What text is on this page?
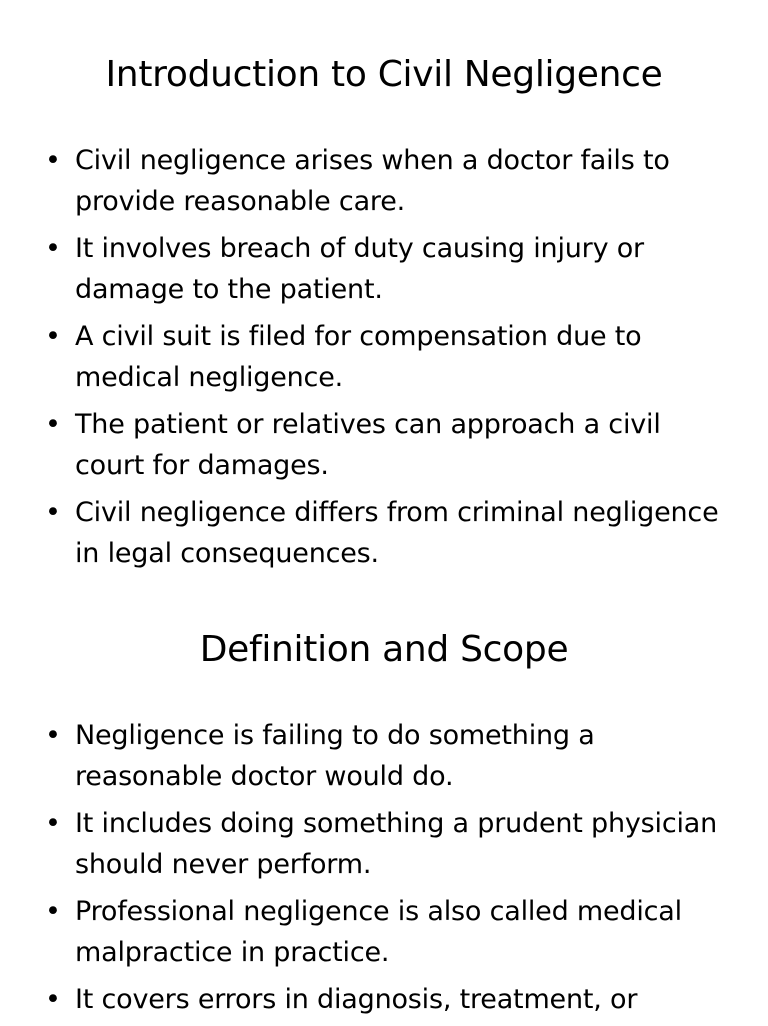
Introduction to Civil Negligence
• Civil negligence arises when a doctor fails to provide reasonable care.
• It involves breach of duty causing injury or damage to the patient.
• A civil suit is filed for compensation due to medical negligence.
• The patient or relatives can approach a civil court for damages.
• Civil negligence differs from criminal negligence in legal consequences.
Definition and Scope
• Negligence is failing to do something a reasonable doctor would do.
• It includes doing something a prudent physician should never perform.
• Professional negligence is also called medical malpractice in practice.
• It covers errors in diagnosis, treatment, or
